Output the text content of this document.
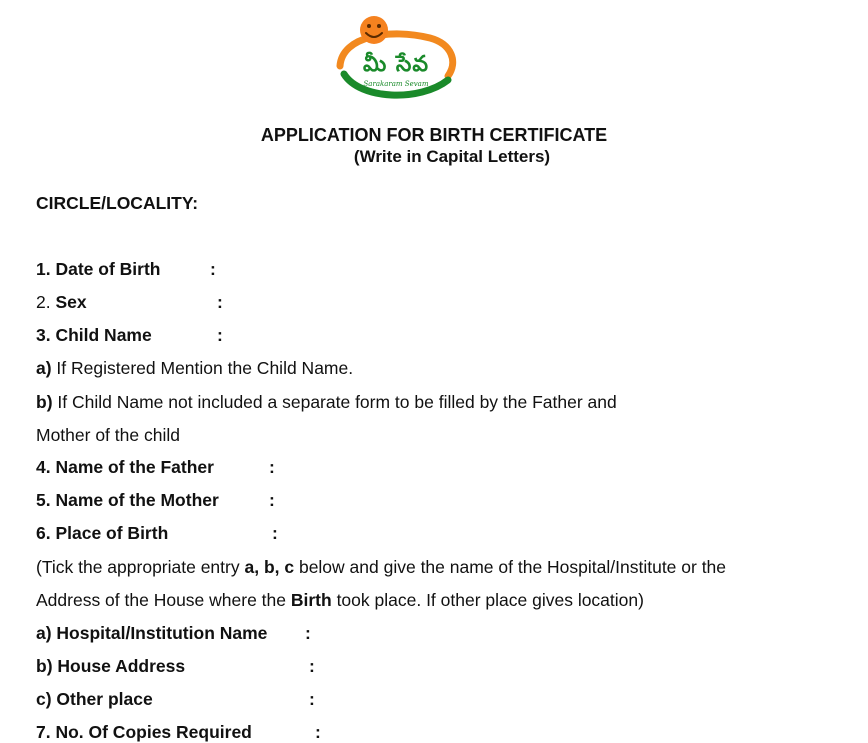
మీ సేవ
Sarakaram Sevam
APPLICATION FOR BIRTH CERTIFICATE
(Write in Capital Letters)
CIRCLE/LOCALITY:
1. Date of Birth	:
2. Sex	:
3. Child Name	:
a) If Registered Mention the Child Name.
b) If Child Name not included a separate form to be filled by the Father and
Mother of the child
4. Name of the Father	:
5. Name of the Mother	:
6. Place of Birth	:
(Tick the appropriate entry a, b, c below and give the name of the Hospital/Institute or the
Address of the House where the Birth took place. If other place gives location)
a) Hospital/Institution Name :
b) House Address	:
c) Other place	:
7. No. Of Copies Required	:
